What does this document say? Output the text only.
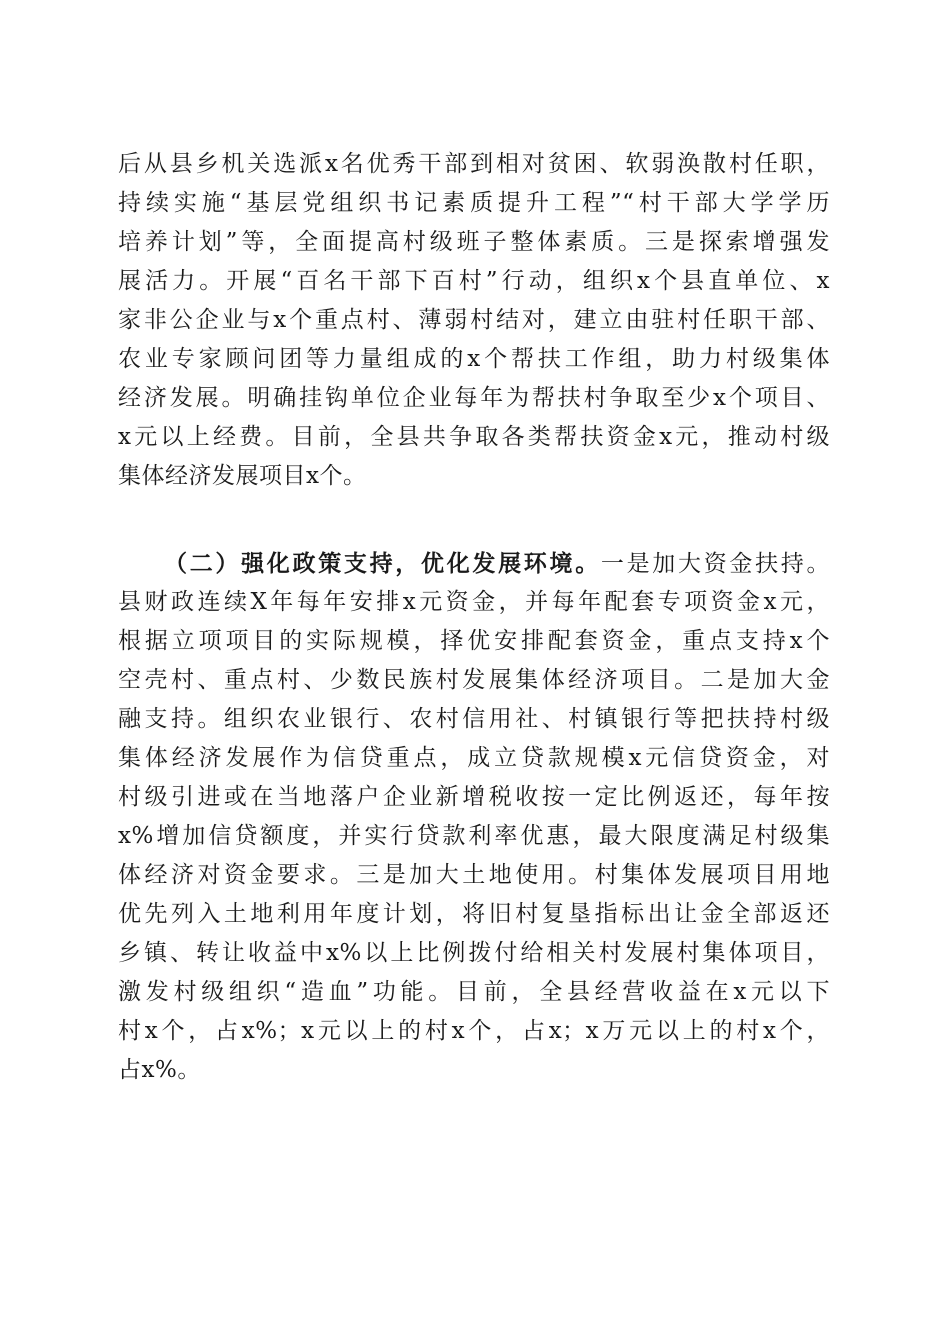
后从县乡机关选派x名优秀干部到相对贫困、软弱涣散村任职，
持续实施“基层党组织书记素质提升工程”“村干部大学学历
培养计划”等，全面提高村级班子整体素质。三是探索增强发
展活力。开展“百名干部下百村”行动，组织x个县直单位、x
家非公企业与x个重点村、薄弱村结对，建立由驻村任职干部、
农业专家顾问团等力量组成的x个帮扶工作组，助力村级集体
经济发展。明确挂钩单位企业每年为帮扶村争取至少x个项目、
x元以上经费。目前，全县共争取各类帮扶资金x元，推动村级
集体经济发展项目x个。
（二）强化政策支持，优化发展环境。一是加大资金扶持。
县财政连续X年每年安排x元资金，并每年配套专项资金x元，
根据立项项目的实际规模，择优安排配套资金，重点支持x个
空壳村、重点村、少数民族村发展集体经济项目。二是加大金
融支持。组织农业银行、农村信用社、村镇银行等把扶持村级
集体经济发展作为信贷重点，成立贷款规模x元信贷资金，对
村级引进或在当地落户企业新增税收按一定比例返还，每年按
x%增加信贷额度，并实行贷款利率优惠，最大限度满足村级集
体经济对资金要求。三是加大土地使用。村集体发展项目用地
优先列入土地利用年度计划，将旧村复垦指标出让金全部返还
乡镇、转让收益中x%以上比例拨付给相关村发展村集体项目，
激发村级组织“造血”功能。目前，全县经营收益在x元以下
村x个，占x%；x元以上的村x个，占x；x万元以上的村x个，
占x%。
